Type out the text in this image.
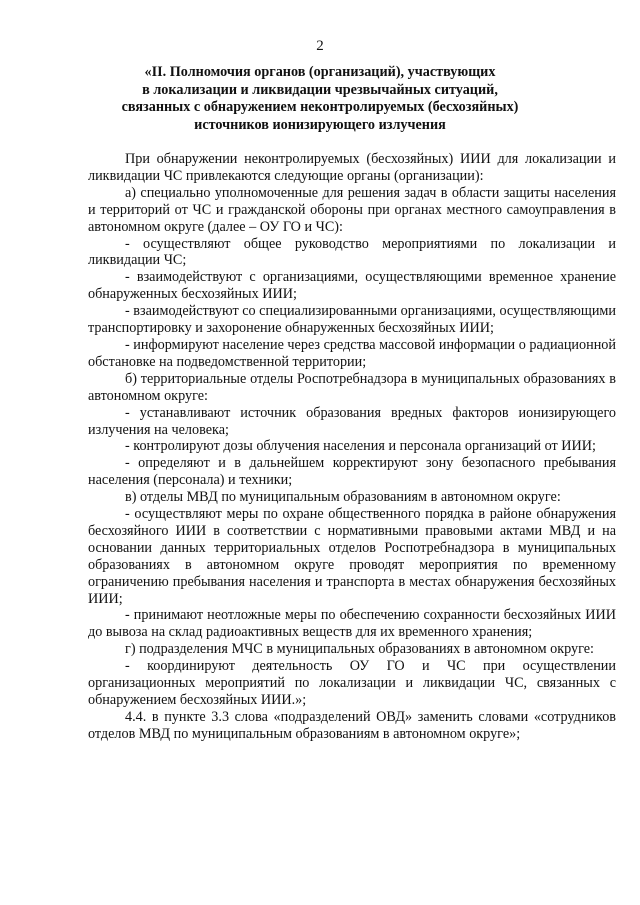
2
«II. Полномочия органов (организаций), участвующих
в локализации и ликвидации чрезвычайных ситуаций,
связанных с обнаружением неконтролируемых (бесхозяйных)
источников ионизирующего излучения

При обнаружении неконтролируемых (бесхозяйных) ИИИ для локализации и ликвидации ЧС привлекаются следующие органы (организации):

а) специально уполномоченные для решения задач в области защиты населения и территорий от ЧС и гражданской обороны при органах местного самоуправления в автономном округе (далее – ОУ ГО и ЧС):

- осуществляют общее руководство мероприятиями по локализации и ликвидации ЧС;

- взаимодействуют с организациями, осуществляющими временное хранение обнаруженных бесхозяйных ИИИ;

- взаимодействуют со специализированными организациями, осуществляющими транспортировку и захоронение обнаруженных бесхозяйных ИИИ;

- информируют население через средства массовой информации о радиационной обстановке на подведомственной территории;

б) территориальные отделы Роспотребнадзора в муниципальных образованиях в автономном округе:

- устанавливают источник образования вредных факторов ионизирующего излучения на человека;

- контролируют дозы облучения населения и персонала организаций от ИИИ;

- определяют и в дальнейшем корректируют зону безопасного пребывания населения (персонала) и техники;

в) отделы МВД по муниципальным образованиям в автономном округе:

- осуществляют меры по охране общественного порядка в районе обнаружения бесхозяйного ИИИ в соответствии с нормативными правовыми актами МВД и на основании данных территориальных отделов Роспотребнадзора в муниципальных образованиях в автономном округе проводят мероприятия по временному ограничению пребывания населения и транспорта в местах обнаружения бесхозяйных ИИИ;

- принимают неотложные меры по обеспечению сохранности бесхозяйных ИИИ до вывоза на склад радиоактивных веществ для их временного хранения;

г) подразделения МЧС в муниципальных образованиях в автономном округе:

- координируют деятельность ОУ ГО и ЧС при осуществлении организационных мероприятий по локализации и ликвидации ЧС, связанных с обнаружением бесхозяйных ИИИ.»;

4.4. в пункте 3.3 слова «подразделений ОВД» заменить словами «сотрудников отделов МВД по муниципальным образованиям в автономном округе»;
